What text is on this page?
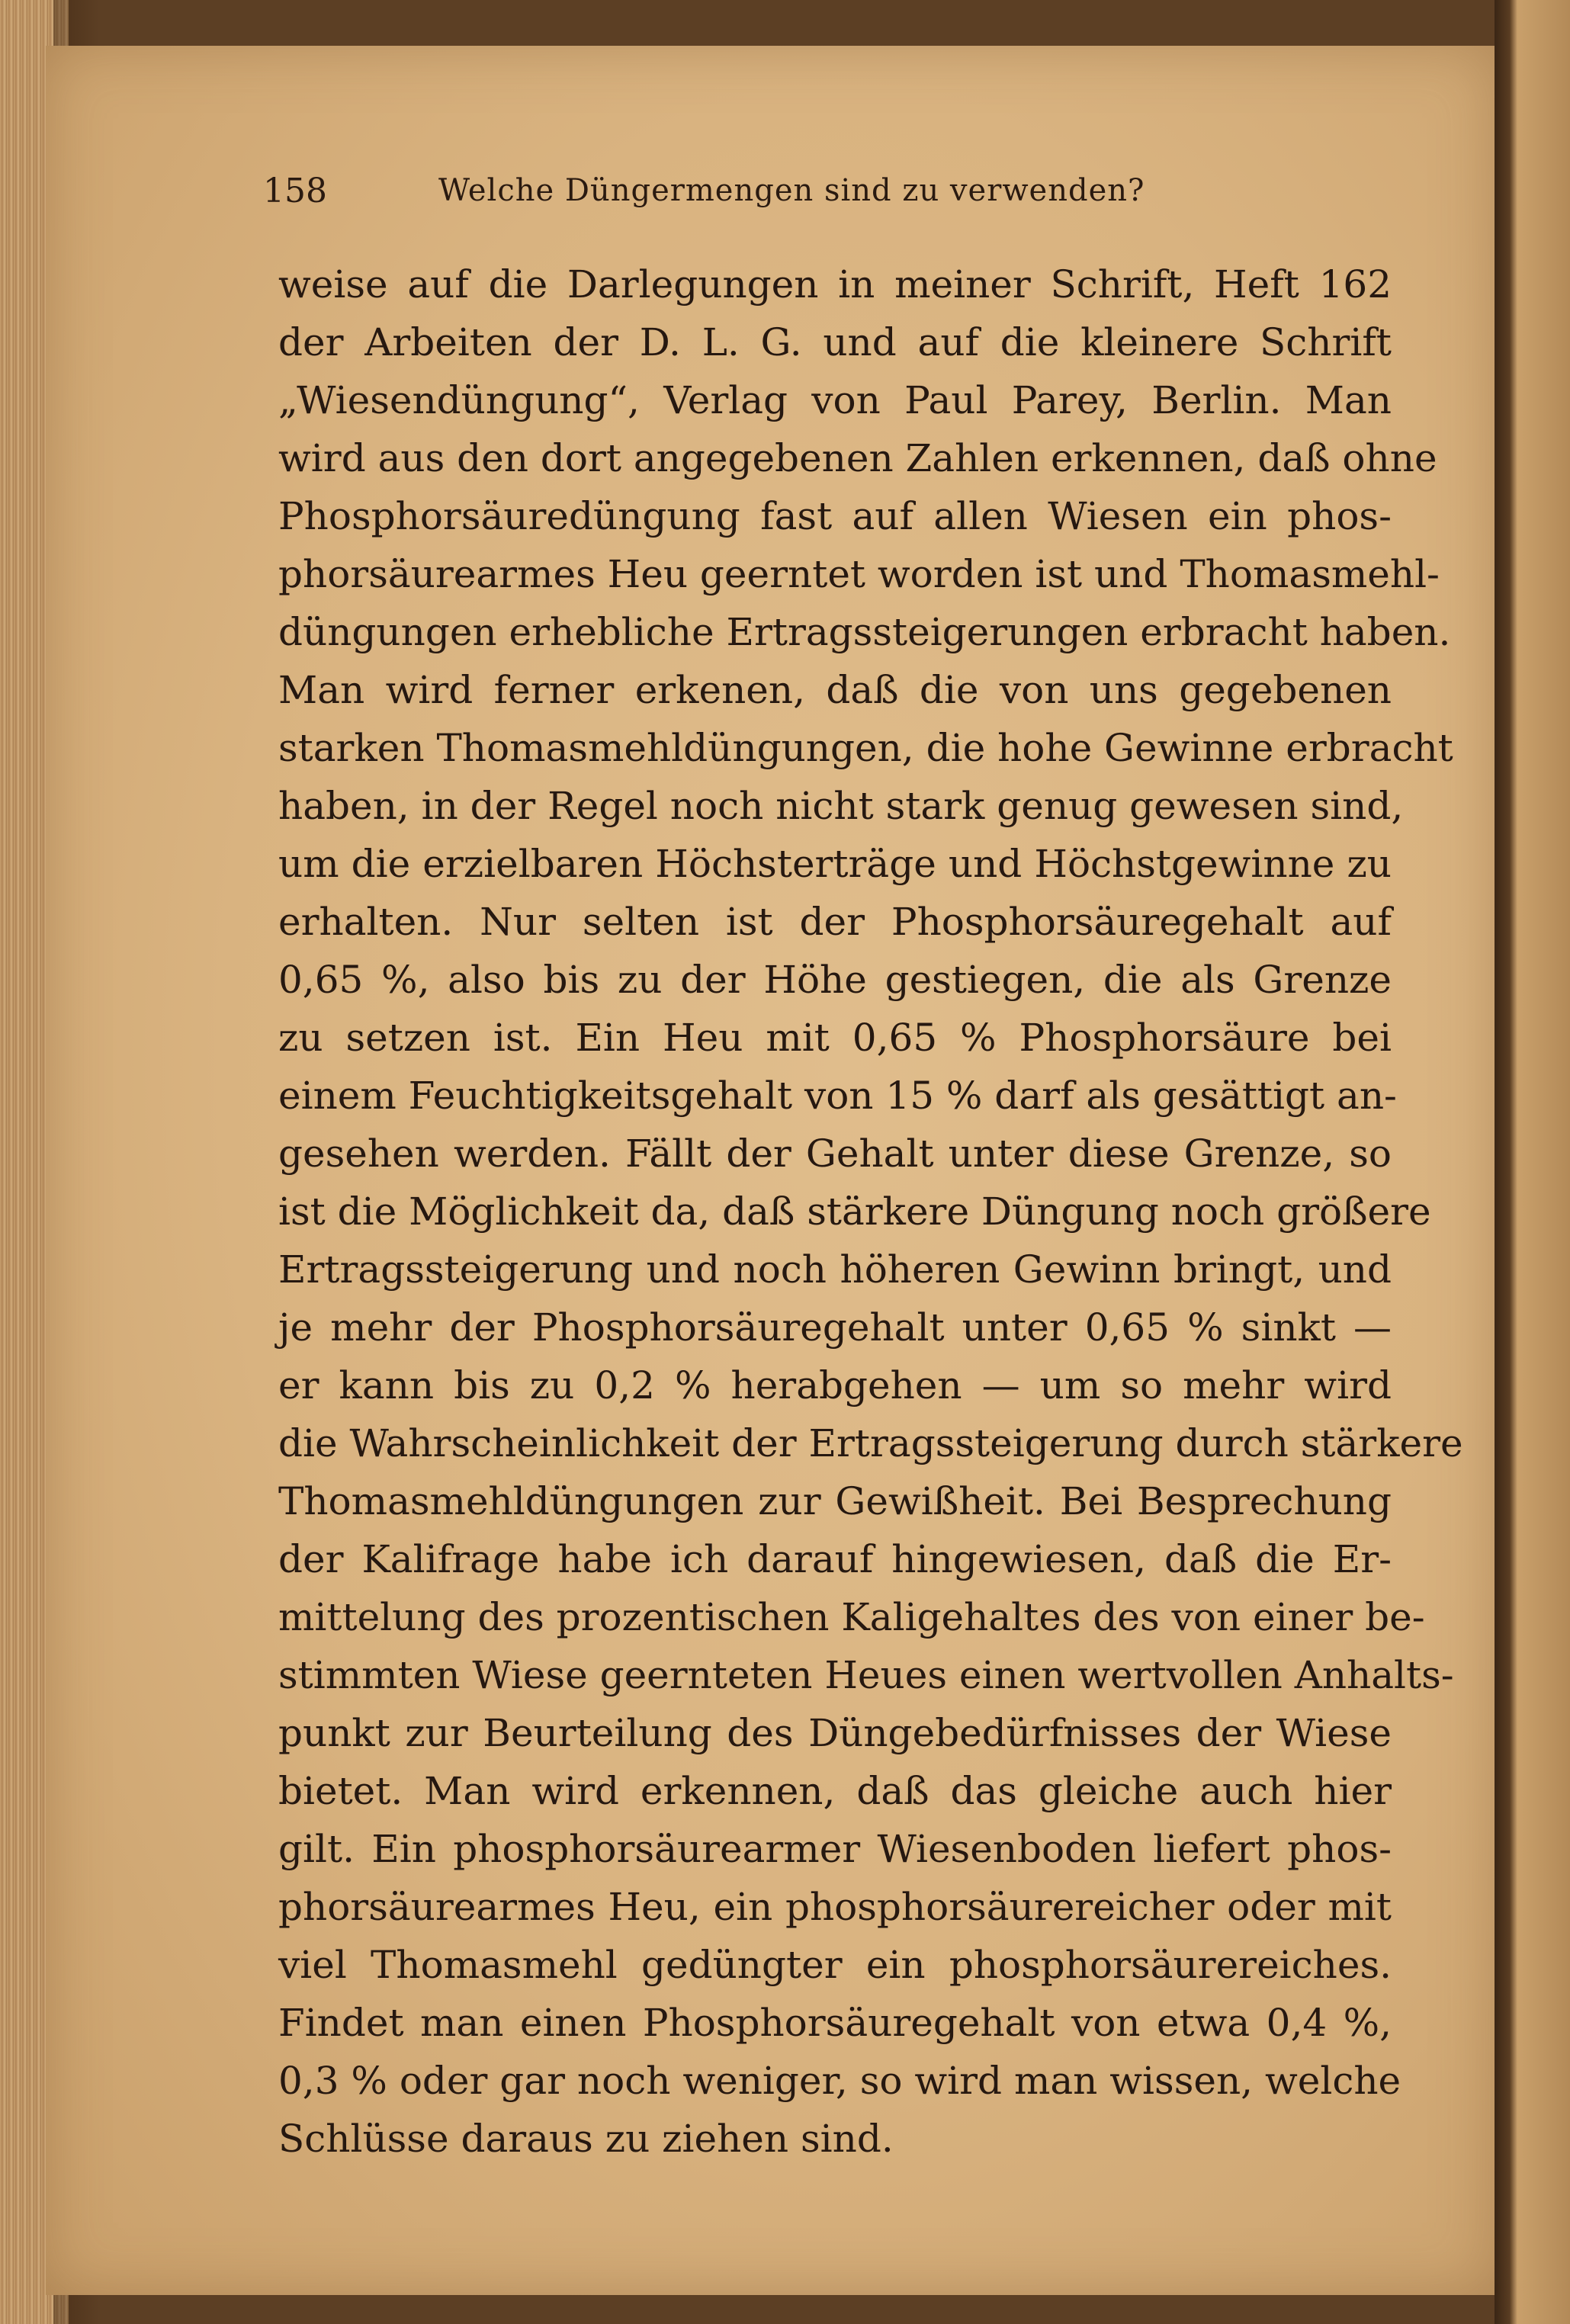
158	Welche Düngermengen sind zu verwenden?
weise auf die Darlegungen in meiner Schrift, Heft 162
der Arbeiten der D. L. G. und auf die kleinere Schrift
„Wiesendüngung“, Verlag von Paul Parey, Berlin. Man
wird aus den dort angegebenen Zahlen erkennen, daß ohne
Phosphorsäuredüngung fast auf allen Wiesen ein phos-
phorsäurearmes Heu geerntet worden ist und Thomasmehl-
düngungen erhebliche Ertragssteigerungen erbracht haben.
Man wird ferner erkenen, daß die von uns gegebenen
starken Thomasmehldüngungen, die hohe Gewinne erbracht
haben, in der Regel noch nicht stark genug gewesen sind,
um die erzielbaren Höchsterträge und Höchstgewinne zu
erhalten. Nur selten ist der Phosphorsäuregehalt auf
0,65 %, also bis zu der Höhe gestiegen, die als Grenze
zu setzen ist. Ein Heu mit 0,65 % Phosphorsäure bei
einem Feuchtigkeitsgehalt von 15 % darf als gesättigt an-
gesehen werden. Fällt der Gehalt unter diese Grenze, so
ist die Möglichkeit da, daß stärkere Düngung noch größere
Ertragssteigerung und noch höheren Gewinn bringt, und
je mehr der Phosphorsäuregehalt unter 0,65 % sinkt —
er kann bis zu 0,2 % herabgehen — um so mehr wird
die Wahrscheinlichkeit der Ertragssteigerung durch stärkere
Thomasmehldüngungen zur Gewißheit. Bei Besprechung
der Kalifrage habe ich darauf hingewiesen, daß die Er-
mittelung des prozentischen Kaligehaltes des von einer be-
stimmten Wiese geernteten Heues einen wertvollen Anhalts-
punkt zur Beurteilung des Düngebedürfnisses der Wiese
bietet. Man wird erkennen, daß das gleiche auch hier
gilt. Ein phosphorsäurearmer Wiesenboden liefert phos-
phorsäurearmes Heu, ein phosphorsäurereicher oder mit
viel Thomasmehl gedüngter ein phosphorsäurereiches.
Findet man einen Phosphorsäuregehalt von etwa 0,4 %,
0,3 % oder gar noch weniger, so wird man wissen, welche
Schlüsse daraus zu ziehen sind.
